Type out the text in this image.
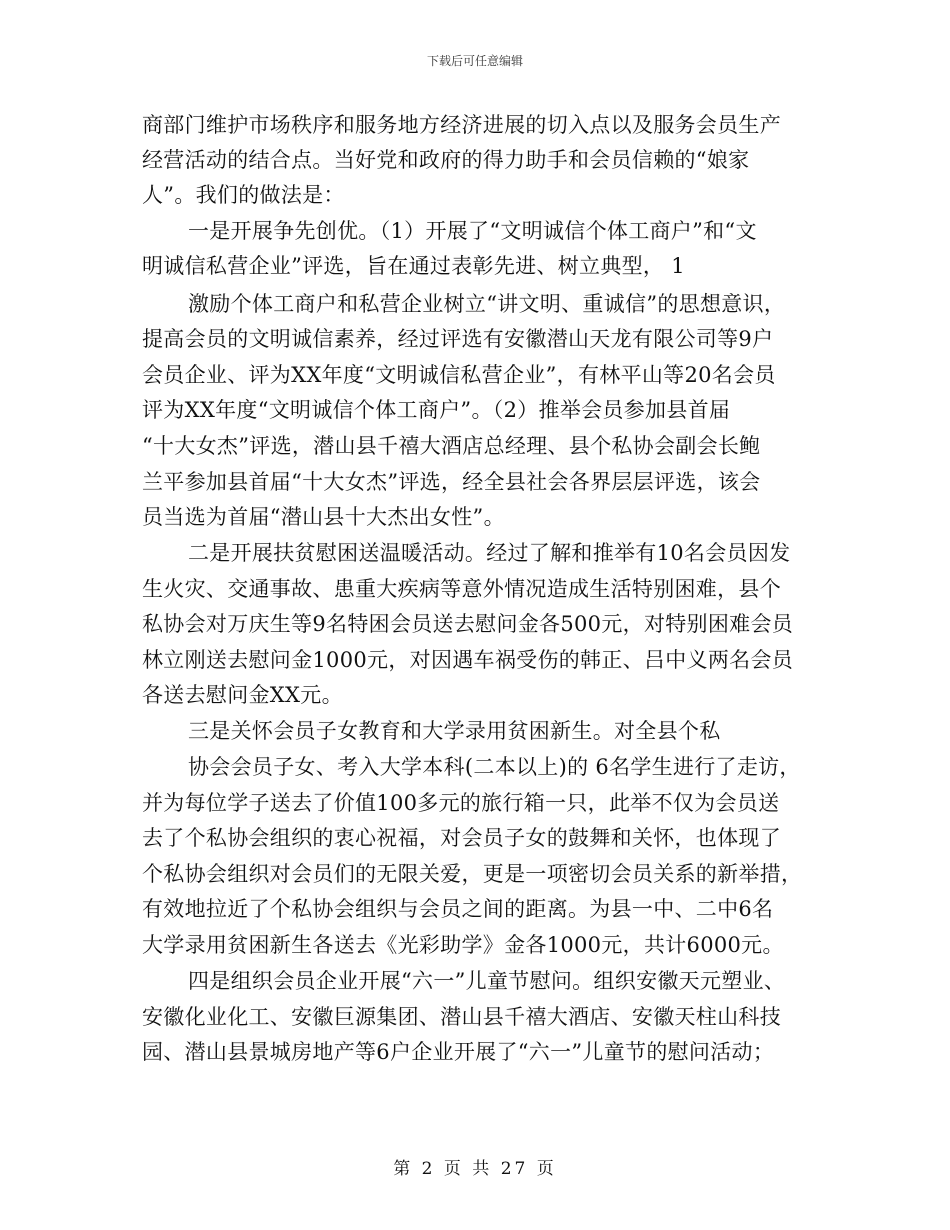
下载后可任意编辑
商部门维护市场秩序和服务地方经济进展的切入点以及服务会员生产
经营活动的结合点。当好党和政府的得力助手和会员信赖的“娘家
人”。我们的做法是：
一是开展争先创优。（1）开展了“文明诚信个体工商户”和“文
明诚信私营企业”评选，旨在通过表彰先进、树立典型， 1
激励个体工商户和私营企业树立“讲文明、重诚信”的思想意识，
提高会员的文明诚信素养，经过评选有安徽潜山天龙有限公司等9户
会员企业、评为XX年度“文明诚信私营企业”，有林平山等20名会员
评为XX年度“文明诚信个体工商户”。（2）推举会员参加县首届
“十大女杰”评选，潜山县千禧大酒店总经理、县个私协会副会长鲍
兰平参加县首届“十大女杰”评选，经全县社会各界层层评选，该会
员当选为首届“潜山县十大杰出女性”。
二是开展扶贫慰困送温暖活动。经过了解和推举有10名会员因发
生火灾、交通事故、患重大疾病等意外情况造成生活特别困难，县个
私协会对万庆生等9名特困会员送去慰问金各500元，对特别困难会员
林立刚送去慰问金1000元，对因遇车祸受伤的韩正、吕中义两名会员
各送去慰问金XX元。
三是关怀会员子女教育和大学录用贫困新生。对全县个私
协会会员子女、考入大学本科(二本以上)的 6名学生进行了走访，
并为每位学子送去了价值100多元的旅行箱一只，此举不仅为会员送
去了个私协会组织的衷心祝福，对会员子女的鼓舞和关怀，也体现了
个私协会组织对会员们的无限关爱，更是一项密切会员关系的新举措，
有效地拉近了个私协会组织与会员之间的距离。为县一中、二中6名
大学录用贫困新生各送去《光彩助学》金各1000元，共计6000元。
四是组织会员企业开展“六一”儿童节慰问。组织安徽天元塑业、
安徽化业化工、安徽巨源集团、潜山县千禧大酒店、安徽天柱山科技
园、潜山县景城房地产等6户企业开展了“六一”儿童节的慰问活动；
第 2 页 共 27 页
